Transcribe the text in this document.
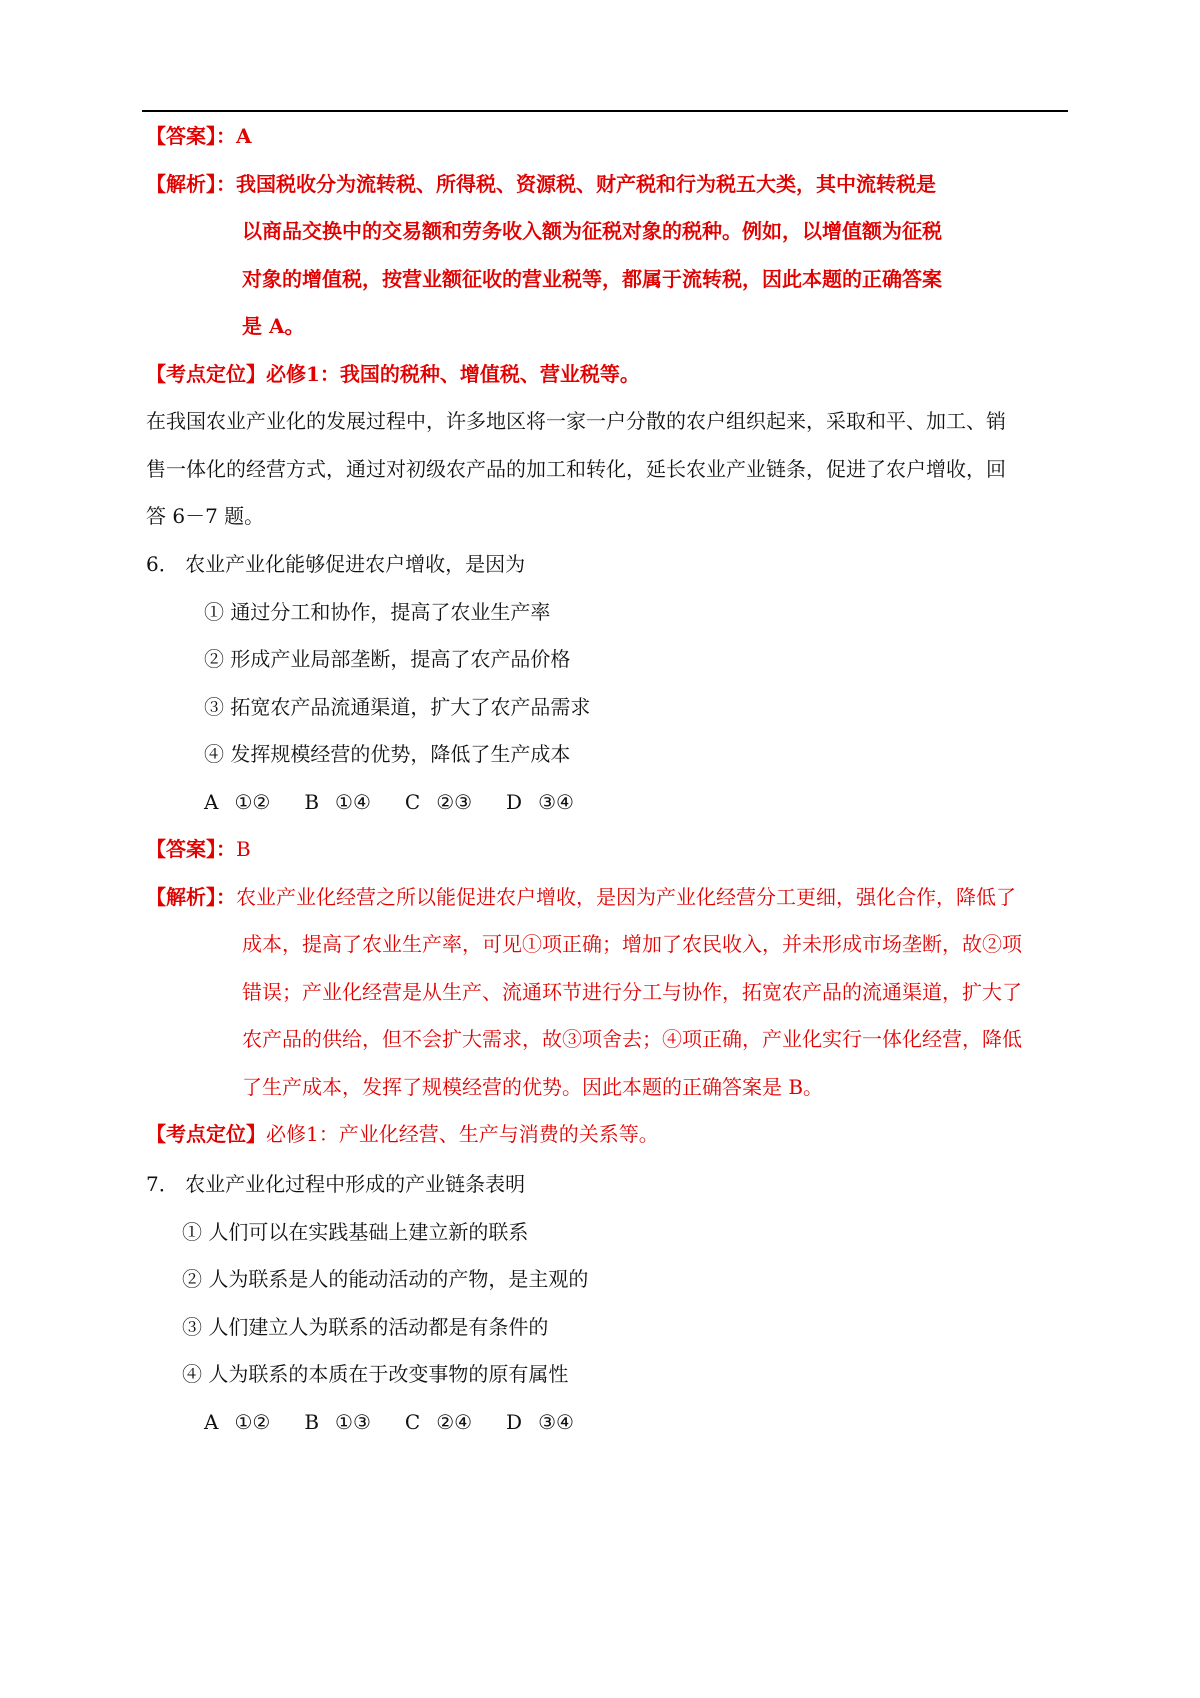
【答案】：A
【解析】：我国税收分为流转税、所得税、资源税、财产税和行为税五大类，其中流转税是
以商品交换中的交易额和劳务收入额为征税对象的税种。例如，以增值额为征税
对象的增值税，按营业额征收的营业税等，都属于流转税，因此本题的正确答案
是 A。
【考点定位】必修1：我国的税种、增值税、营业税等。
在我国农业产业化的发展过程中，许多地区将一家一户分散的农户组织起来，采取和平、加工、销
售一体化的经营方式，通过对初级农产品的加工和转化，延长农业产业链条，促进了农户增收，回
答 6－7 题。
6． 农业产业化能够促进农户增收，是因为
① 通过分工和协作，提高了农业生产率
② 形成产业局部垄断，提高了农产品价格
③ 拓宽农产品流通渠道，扩大了农产品需求
④ 发挥规模经营的优势，降低了生产成本
A ①② B ①④ C ②③ D ③④
【答案】：B
【解析】：农业产业化经营之所以能促进农户增收，是因为产业化经营分工更细，强化合作，降低了
成本，提高了农业生产率，可见①项正确；增加了农民收入，并未形成市场垄断，故②项
错误；产业化经营是从生产、流通环节进行分工与协作，拓宽农产品的流通渠道，扩大了
农产品的供给，但不会扩大需求，故③项舍去；④项正确，产业化实行一体化经营，降低
了生产成本，发挥了规模经营的优势。因此本题的正确答案是 B。
【考点定位】必修1：产业化经营、生产与消费的关系等。
7． 农业产业化过程中形成的产业链条表明
① 人们可以在实践基础上建立新的联系
② 人为联系是人的能动活动的产物，是主观的
③ 人们建立人为联系的活动都是有条件的
④ 人为联系的本质在于改变事物的原有属性
A ①② B ①③ C ②④ D ③④
